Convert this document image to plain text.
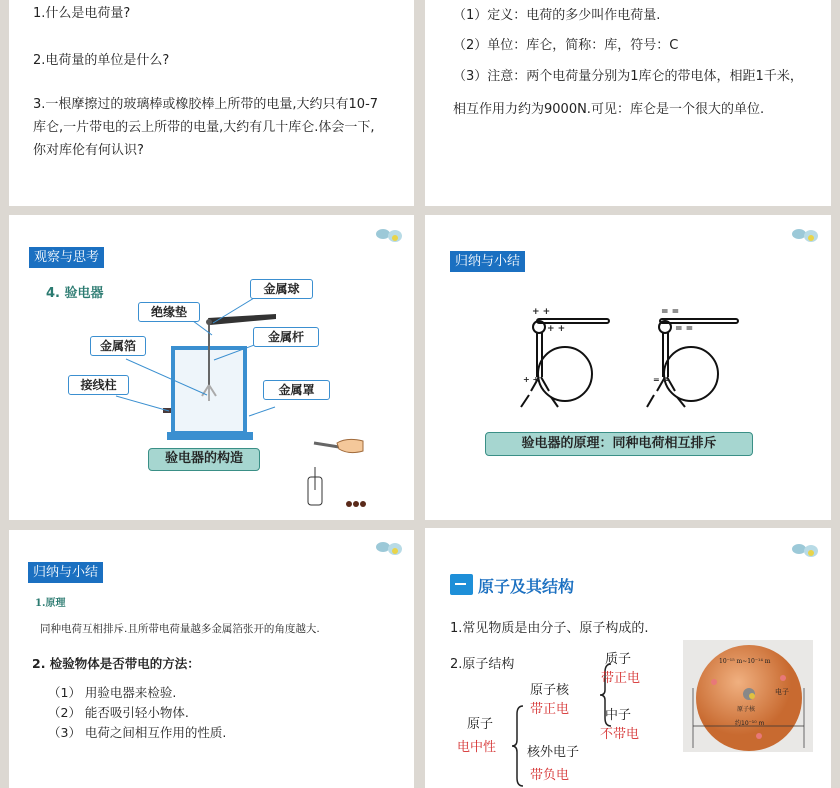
1.什么是电荷量?
2.电荷量的单位是什么?
3.一根摩擦过的玻璃棒或橡胶棒上所带的电量,大约只有10-7
库仑,一片带电的云上所带的电量,大约有几十库仑.体会一下,
你对库伦有何认识?
（1）定义：电荷的多少叫作电荷量.
（2）单位：库仑，简称：库，符号：C
（3）注意：两个电荷量分别为1库仑的带电体，相距1千米，
相互作用力约为9000N.可见：库仑是一个很大的单位.
观察与思考
4. 验电器	金属球
绝缘垫
金属杆
金属箔
接线柱	金属罩
验电器的构造
归纳与小结
+ +
+ +
+ +
= =
= =
= =
验电器的原理：同种电荷相互排斥
归纳与小结
1.原理
同种电荷互相排斥.且所带电荷量越多金属箔张开的角度越大.
2. 检验物体是否带电的方法：
（1） 用验电器来检验.
（2） 能否吸引轻小物体.
（3） 电荷之间相互作用的性质.
原子及其结构
1.常见物质是由分子、原子构成的.
2.原子结构	质子
带正电
原子核
带正电	中子
不带电
原子
电中性 核外电子
带负电
10⁻¹⁵ m~10⁻¹⁴ m
电子
原子核
约10⁻¹⁰ m
